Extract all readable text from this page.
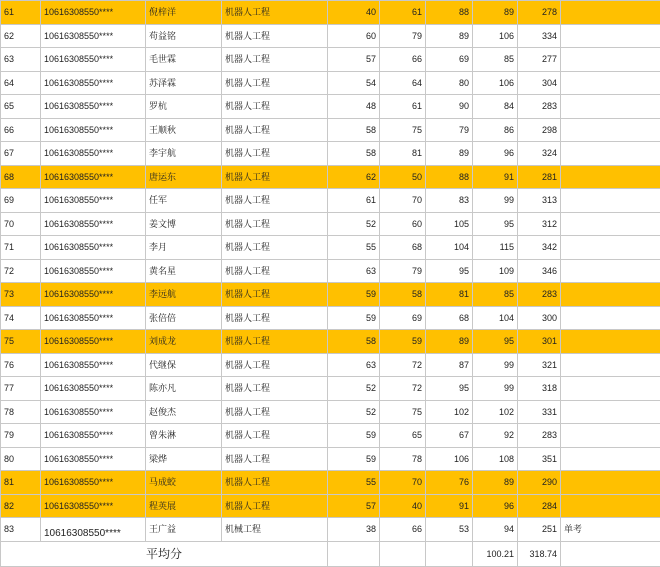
61	10616308550****	倪梓洋	机器人工程	40	61	88	89	278	
62	10616308550****	苟益铭	机器人工程	60	79	89	106	334	
63	10616308550****	毛世霖	机器人工程	57	66	69	85	277	
64	10616308550****	苏泽霖	机器人工程	54	64	80	106	304	
65	10616308550****	罗杭	机器人工程	48	61	90	84	283	
66	10616308550****	王顺秋	机器人工程	58	75	79	86	298	
67	10616308550****	李宇航	机器人工程	58	81	89	96	324	
68	10616308550****	唐运东	机器人工程	62	50	88	91	281	
69	10616308550****	任军	机器人工程	61	70	83	99	313	
70	10616308550****	姜文博	机器人工程	52	60	105	95	312	
71	10616308550****	李月	机器人工程	55	68	104	115	342	
72	10616308550****	黄名星	机器人工程	63	79	95	109	346	
73	10616308550****	李远航	机器人工程	59	58	81	85	283	
74	10616308550****	张倍倍	机器人工程	59	69	68	104	300	
75	10616308550****	刘成龙	机器人工程	58	59	89	95	301	
76	10616308550****	代继保	机器人工程	63	72	87	99	321	
77	10616308550****	陈亦凡	机器人工程	52	72	95	99	318	
78	10616308550****	赵俊杰	机器人工程	52	75	102	102	331	
79	10616308550****	曾朱淋	机器人工程	59	65	67	92	283	
80	10616308550****	梁烨	机器人工程	59	78	106	108	351	
81	10616308550****	马成蛟	机器人工程	55	70	76	89	290	
82	10616308550****	程英展	机器人工程	57	40	91	96	284	
83	10616308550****	王广益	机械工程	38	66	53	94	251	单考
平均分							100.21	318.74	
